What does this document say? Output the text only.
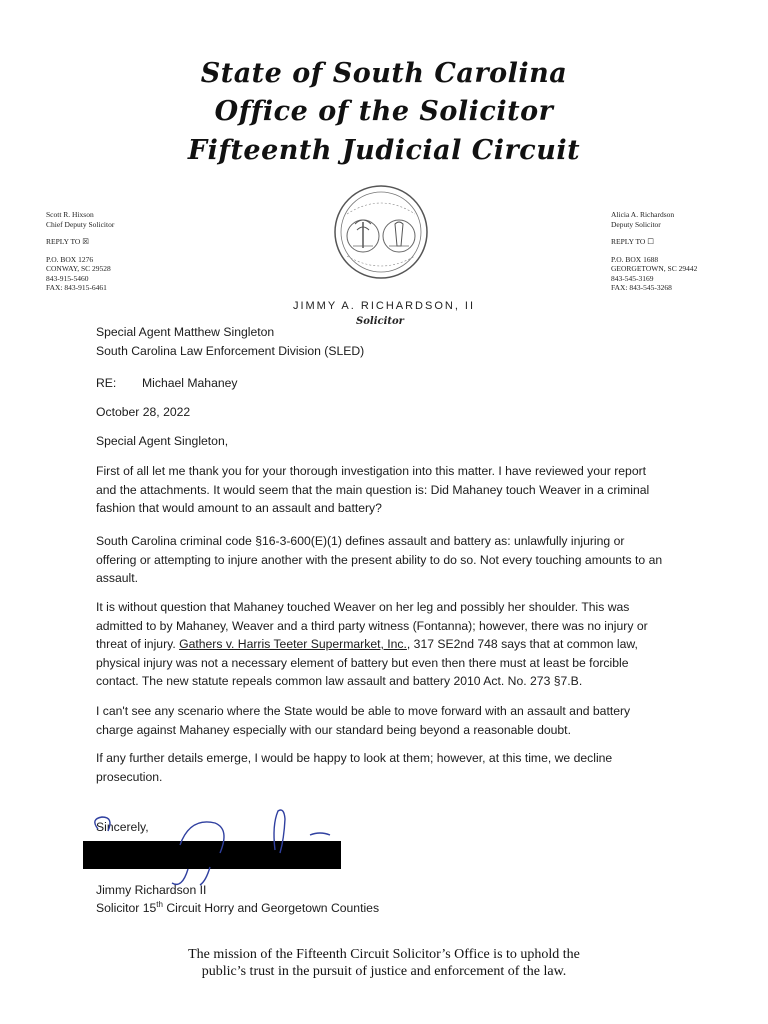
State of South Carolina
Office of the Solicitor
Fifteenth Judicial Circuit
Scott R. Hixson
Chief Deputy Solicitor
REPLY TO ☒
P.O. BOX 1276
CONWAY, SC 29528
843-915-5460
FAX: 843-915-6461
Alicia A. Richardson
Deputy Solicitor
REPLY TO ☐
P.O. BOX 1688
GEORGETOWN, SC 29442
843-545-3169
FAX: 843-545-3268
JIMMY A. RICHARDSON, II
Solicitor
Special Agent Matthew Singleton
South Carolina Law Enforcement Division (SLED)
RE: Michael Mahaney
October 28, 2022
Special Agent Singleton,
First of all let me thank you for your thorough investigation into this matter. I have reviewed your report and the attachments. It would seem that the main question is: Did Mahaney touch Weaver in a criminal fashion that would amount to an assault and battery?
South Carolina criminal code §16-3-600(E)(1) defines assault and battery as: unlawfully injuring or offering or attempting to injure another with the present ability to do so. Not every touching amounts to an assault.
It is without question that Mahaney touched Weaver on her leg and possibly her shoulder. This was admitted to by Mahaney, Weaver and a third party witness (Fontanna); however, there was no injury or threat of injury. Gathers v. Harris Teeter Supermarket, Inc., 317 SE2nd 748 says that at common law, physical injury was not a necessary element of battery but even then there must at least be forcible contact. The new statute repeals common law assault and battery 2010 Act. No. 273 §7.B.
I can't see any scenario where the State would be able to move forward with an assault and battery charge against Mahaney especially with our standard being beyond a reasonable doubt.
If any further details emerge, I would be happy to look at them; however, at this time, we decline prosecution.
Sincerely,
Jimmy Richardson II
Solicitor 15th Circuit Horry and Georgetown Counties
The mission of the Fifteenth Circuit Solicitor’s Office is to uphold the
public’s trust in the pursuit of justice and enforcement of the law.
